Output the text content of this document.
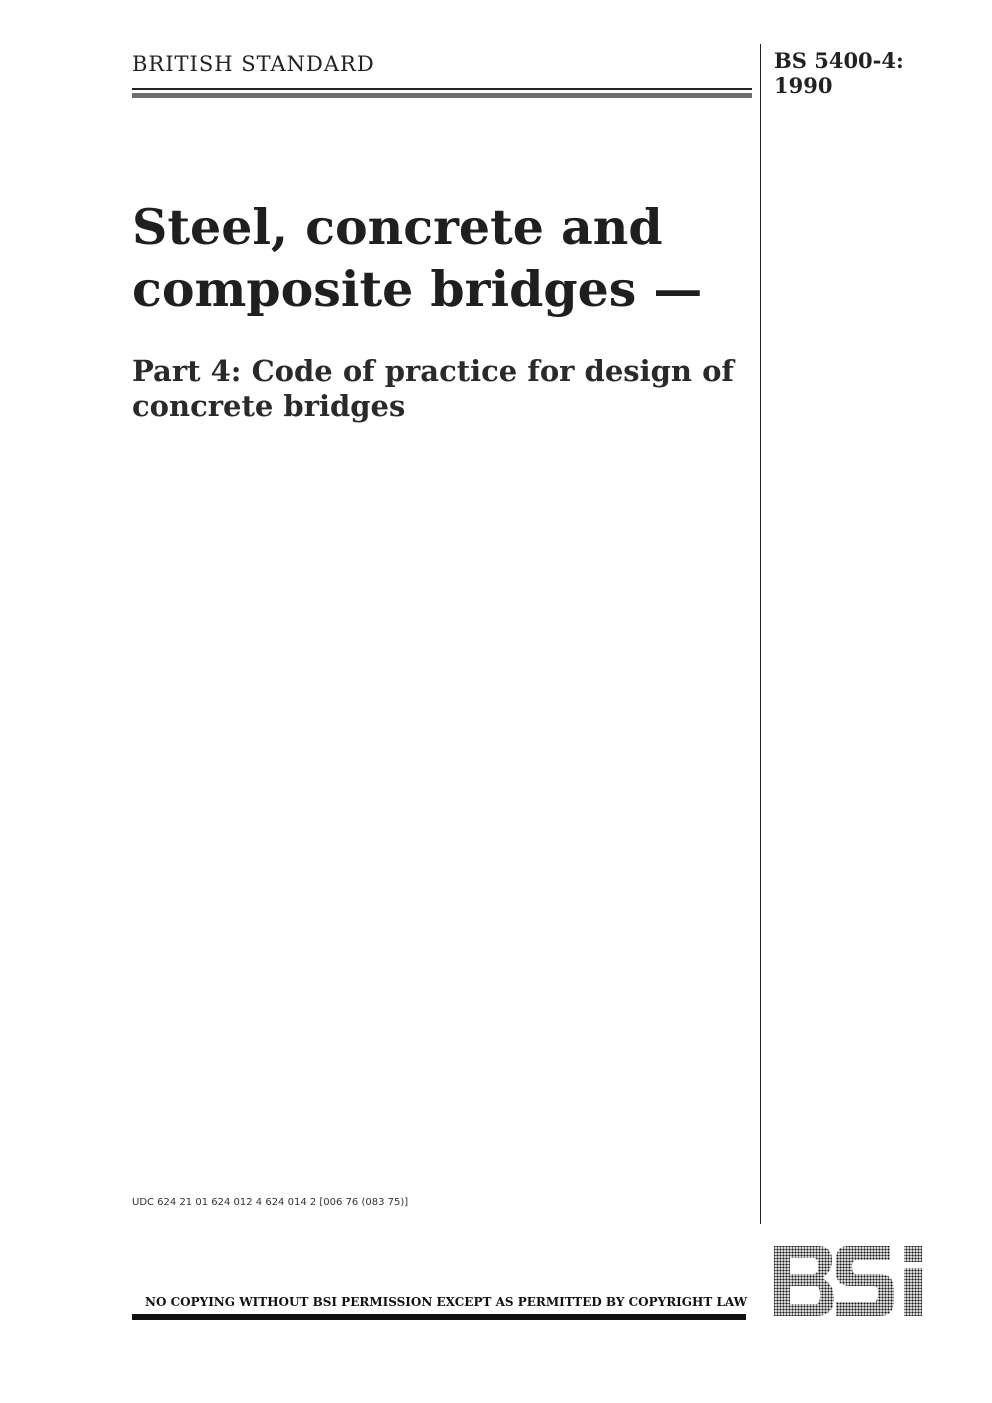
BRITISH STANDARD	BS 5400-4:
1990
Steel, concrete and
composite bridges —
Part 4: Code of practice for design of
concrete bridges
UDC 624 21 01 624 012 4 624 014 2 [006 76 (083 75)]
NO COPYING WITHOUT BSI PERMISSION EXCEPT AS PERMITTED BY COPYRIGHT LAW
